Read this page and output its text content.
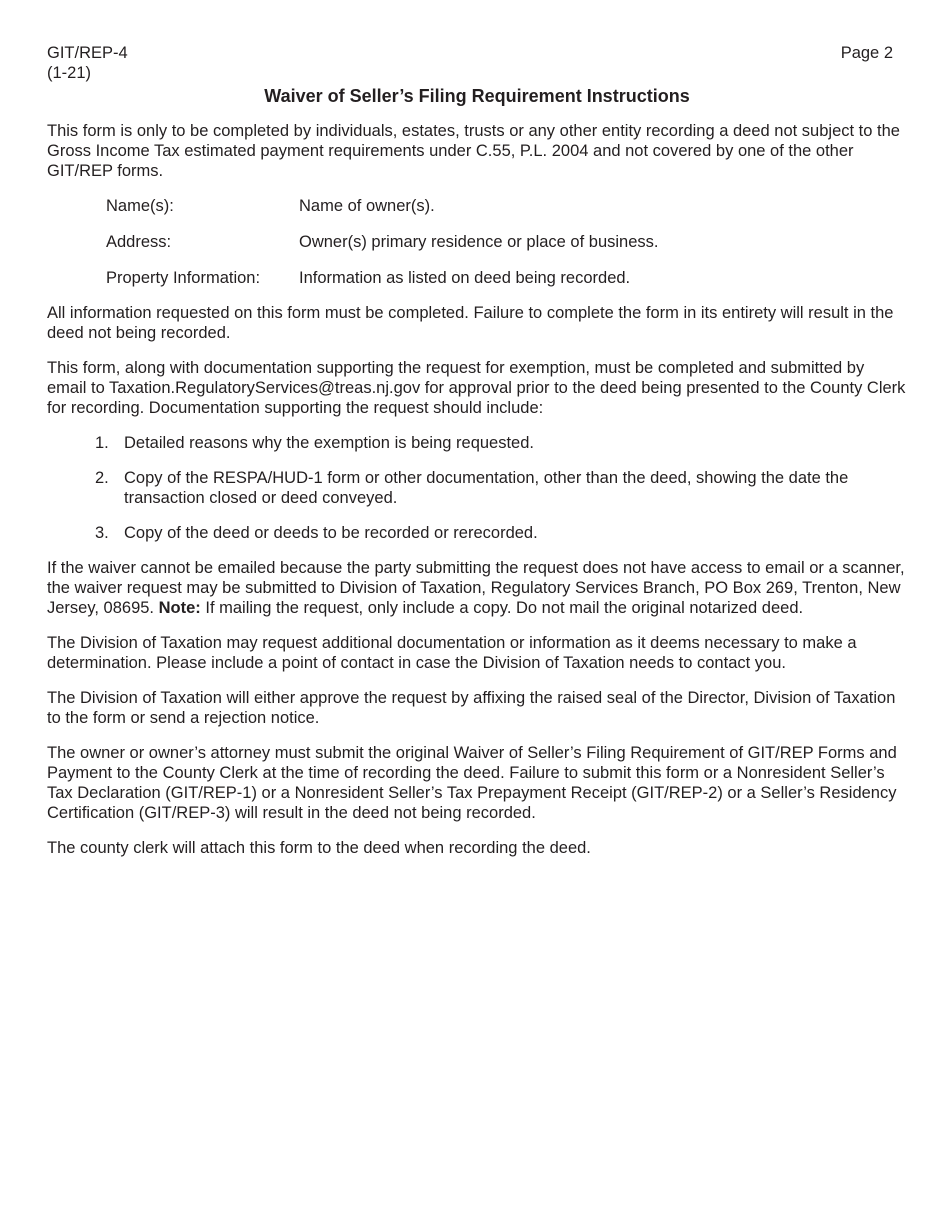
GIT/REP-4	Page 2
(1-21)
Waiver of Seller’s Filing Requirement Instructions

This form is only to be completed by individuals, estates, trusts or any other entity recording a deed not subject to the Gross Income Tax estimated payment requirements under C.55, P.L. 2004 and not covered by one of the other GIT/REP forms.

Name(s):	Name of owner(s).
Address:	Owner(s) primary residence or place of business.
Property Information:	Information as listed on deed being recorded.

All information requested on this form must be completed. Failure to complete the form in its entirety will result in the deed not being recorded.

This form, along with documentation supporting the request for exemption, must be completed and submitted by email to Taxation.RegulatoryServices@treas.nj.gov for approval prior to the deed being presented to the County Clerk for recording. Documentation supporting the request should include:

1. Detailed reasons why the exemption is being requested.
2. Copy of the RESPA/HUD-1 form or other documentation, other than the deed, showing the date the transaction closed or deed conveyed.
3. Copy of the deed or deeds to be recorded or rerecorded.

If the waiver cannot be emailed because the party submitting the request does not have access to email or a scanner, the waiver request may be submitted to Division of Taxation, Regulatory Services Branch, PO Box 269, Trenton, New Jersey, 08695. Note: If mailing the request, only include a copy. Do not mail the original notarized deed.

The Division of Taxation may request additional documentation or information as it deems necessary to make a determination. Please include a point of contact in case the Division of Taxation needs to contact you.

The Division of Taxation will either approve the request by affixing the raised seal of the Director, Division of Taxation to the form or send a rejection notice.

The owner or owner’s attorney must submit the original Waiver of Seller’s Filing Requirement of GIT/REP Forms and Payment to the County Clerk at the time of recording the deed. Failure to submit this form or a Nonresident Seller’s Tax Declaration (GIT/REP-1) or a Nonresident Seller’s Tax Prepayment Receipt (GIT/REP-2) or a Seller’s Residency Certification (GIT/REP-3) will result in the deed not being recorded.

The county clerk will attach this form to the deed when recording the deed.
